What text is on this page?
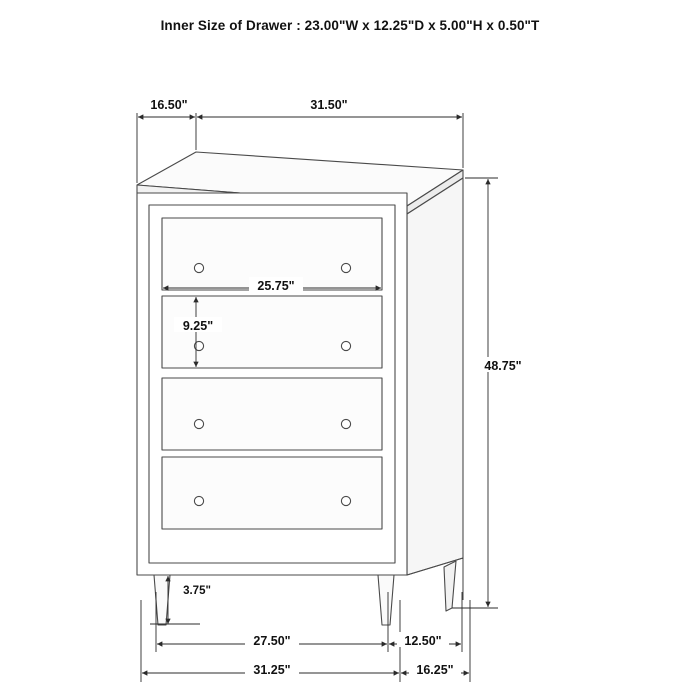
Inner Size of Drawer : 23.00"W x 12.25"D x 5.00"H x 0.50"T
16.50"	31.50"
48.75"
25.75"
9.25"
3.75"
27.50"
31.25"
12.50"
16.25"
